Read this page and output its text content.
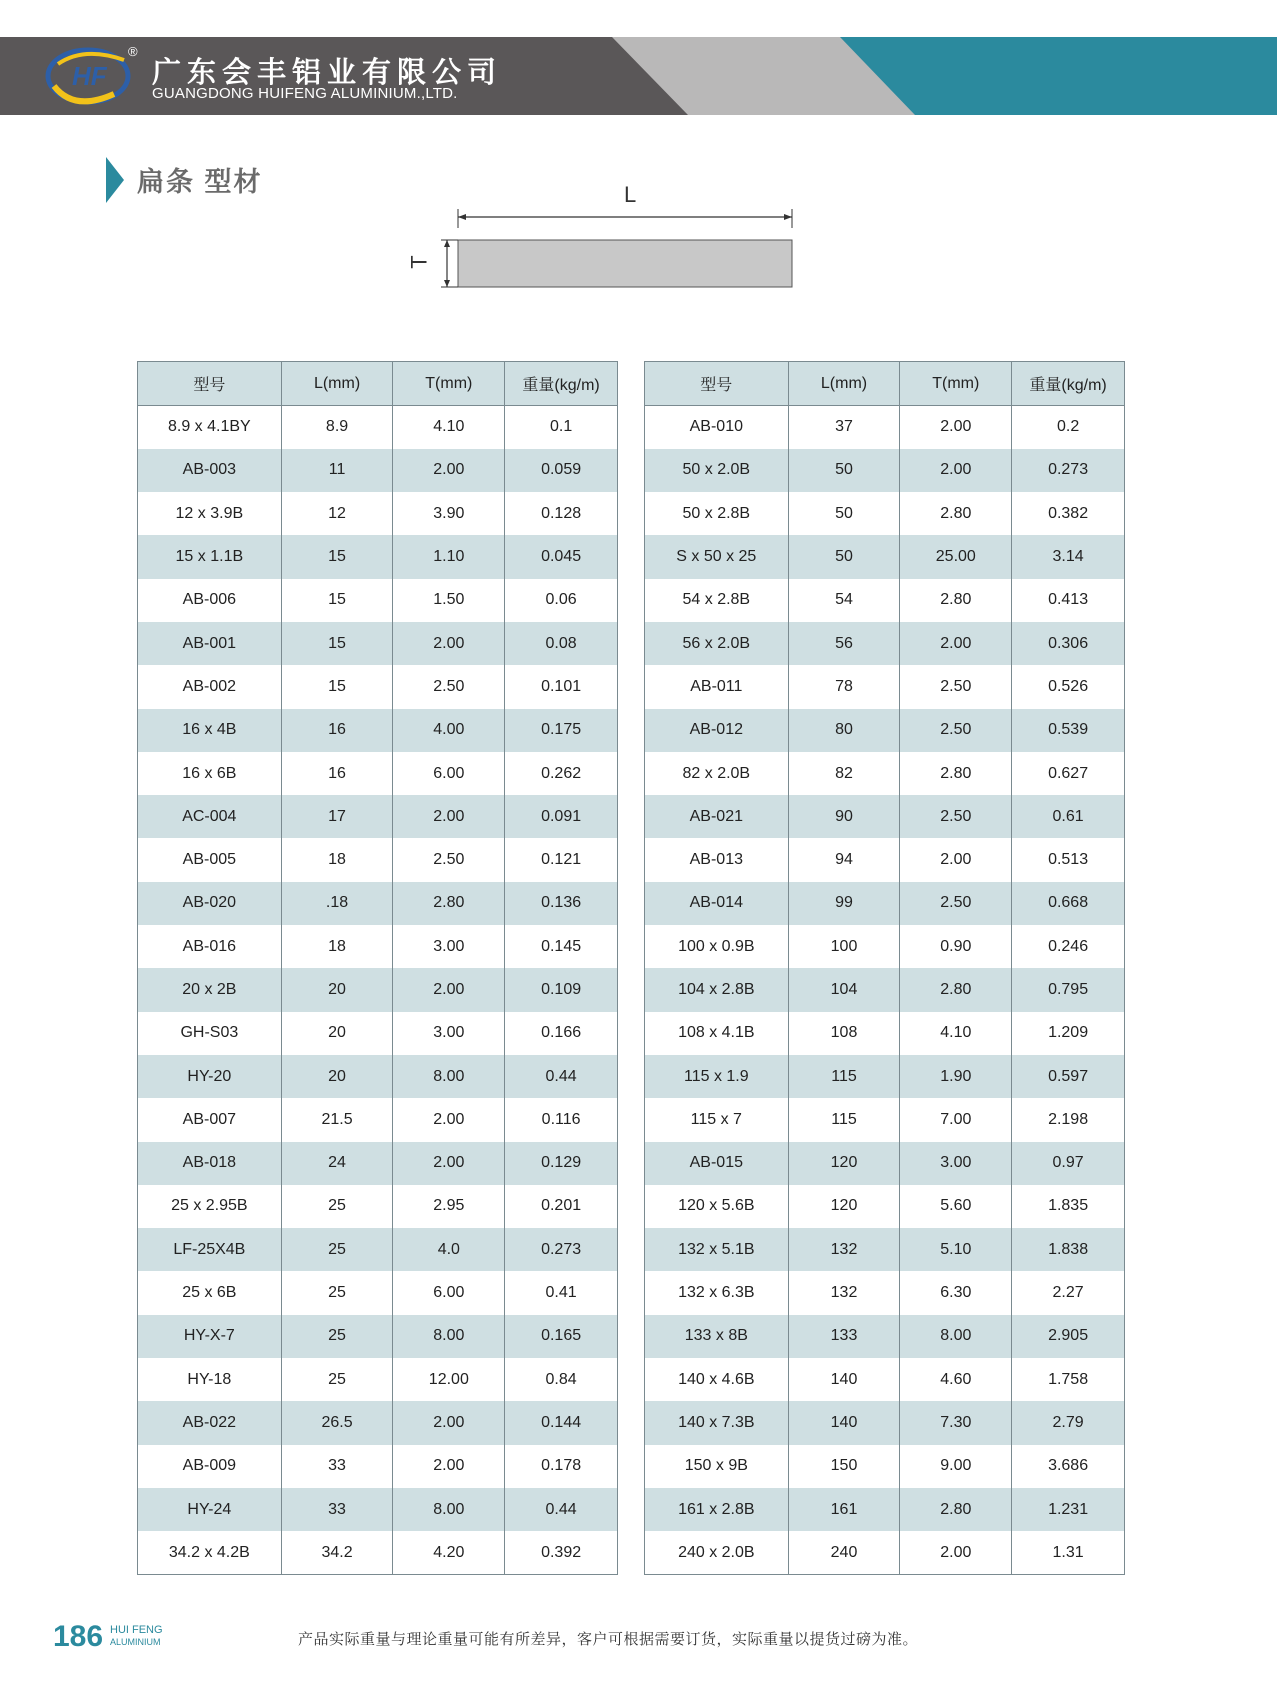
HF
®
广东会丰铝业有限公司
GUANGDONG HUIFENG ALUMINIUM.,LTD.
扁条 型材	L
T
型号	L(mm)	T(mm)	重量(kg/m)
8.9 x 4.1BY	8.9	4.10	0.1
AB-003	11	2.00	0.059
12 x 3.9B	12	3.90	0.128
15 x 1.1B	15	1.10	0.045
AB-006	15	1.50	0.06
AB-001	15	2.00	0.08
AB-002	15	2.50	0.101
16 x 4B	16	4.00	0.175
16 x 6B	16	6.00	0.262
AC-004	17	2.00	0.091
AB-005	18	2.50	0.121
AB-020	.18	2.80	0.136
AB-016	18	3.00	0.145
20 x 2B	20	2.00	0.109
GH-S03	20	3.00	0.166
HY-20	20	8.00	0.44
AB-007	21.5	2.00	0.116
AB-018	24	2.00	0.129
25 x 2.95B	25	2.95	0.201
LF-25X4B	25	4.0	0.273
25 x 6B	25	6.00	0.41
HY-X-7	25	8.00	0.165
HY-18	25	12.00	0.84
AB-022	26.5	2.00	0.144
AB-009	33	2.00	0.178
HY-24	33	8.00	0.44
34.2 x 4.2B	34.2	4.20	0.392
型号	L(mm)	T(mm)	重量(kg/m)
AB-010	37	2.00	0.2
50 x 2.0B	50	2.00	0.273
50 x 2.8B	50	2.80	0.382
S x 50 x 25	50	25.00	3.14
54 x 2.8B	54	2.80	0.413
56 x 2.0B	56	2.00	0.306
AB-011	78	2.50	0.526
AB-012	80	2.50	0.539
82 x 2.0B	82	2.80	0.627
AB-021	90	2.50	0.61
AB-013	94	2.00	0.513
AB-014	99	2.50	0.668
100 x 0.9B	100	0.90	0.246
104 x 2.8B	104	2.80	0.795
108 x 4.1B	108	4.10	1.209
115 x 1.9	115	1.90	0.597
115 x 7	115	7.00	2.198
AB-015	120	3.00	0.97
120 x 5.6B	120	5.60	1.835
132 x 5.1B	132	5.10	1.838
132 x 6.3B	132	6.30	2.27
133 x 8B	133	8.00	2.905
140 x 4.6B	140	4.60	1.758
140 x 7.3B	140	7.30	2.79
150 x 9B	150	9.00	3.686
161 x 2.8B	161	2.80	1.231
240 x 2.0B	240	2.00	1.31
186 HUI FENG
ALUMINIUM	产品实际重量与理论重量可能有所差异，客户可根据需要订货，实际重量以提货过磅为准。
